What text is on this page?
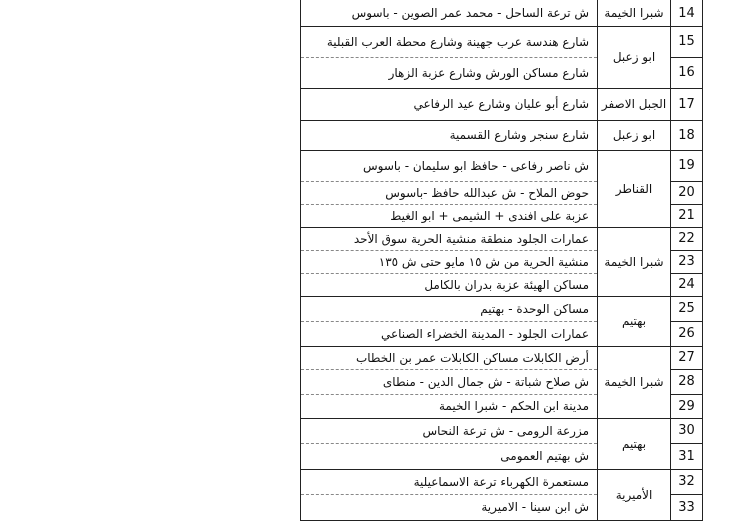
شبرا الخيمة
ش ترعة الساحل - محمد عمر الصوين - باسوس	14
ابو زعبل
شارع هندسة عرب جهينة وشارع محطة العرب القبلية	15
شارع مساكن الورش وشارع عزبة الزهار	16
الجبل الاصفر
شارع أبو عليان وشارع عيد الرفاعي	17
ابو زعبل
شارع سنجر وشارع القسمية	18
القناطر
ش ناصر رفاعى - حافظ ابو سليمان - باسوس	19
حوض الملاح - ش عبدالله حافظ -باسوس	20
عزبة على افندى + الشيمى + ابو الغيط	21
شبرا الخيمة
عمارات الجلود منطقة منشية الحرية سوق الأحد	22
منشية الحرية من ش ١٥ مايو حتى ش ١٣٥	23
مساكن الهيئة عزبة بدران بالكامل	24
بهتيم
مساكن الوحدة - بهتيم	25
عمارات الجلود - المدينة الخضراء الصناعي	26
شبرا الخيمة
أرض الكابلات مساكن الكابلات عمر بن الخطاب	27
ش صلاح شباتة - ش جمال الدين - منطاى	28
مدينة ابن الحكم - شبرا الخيمة	29
بهتيم
مزرعة الرومى - ش ترعة النحاس	30
ش بهتيم العمومى	31
الأميرية
مستعمرة الكهرباء ترعة الاسماعيلية	32
ش ابن سينا - الاميرية	33
